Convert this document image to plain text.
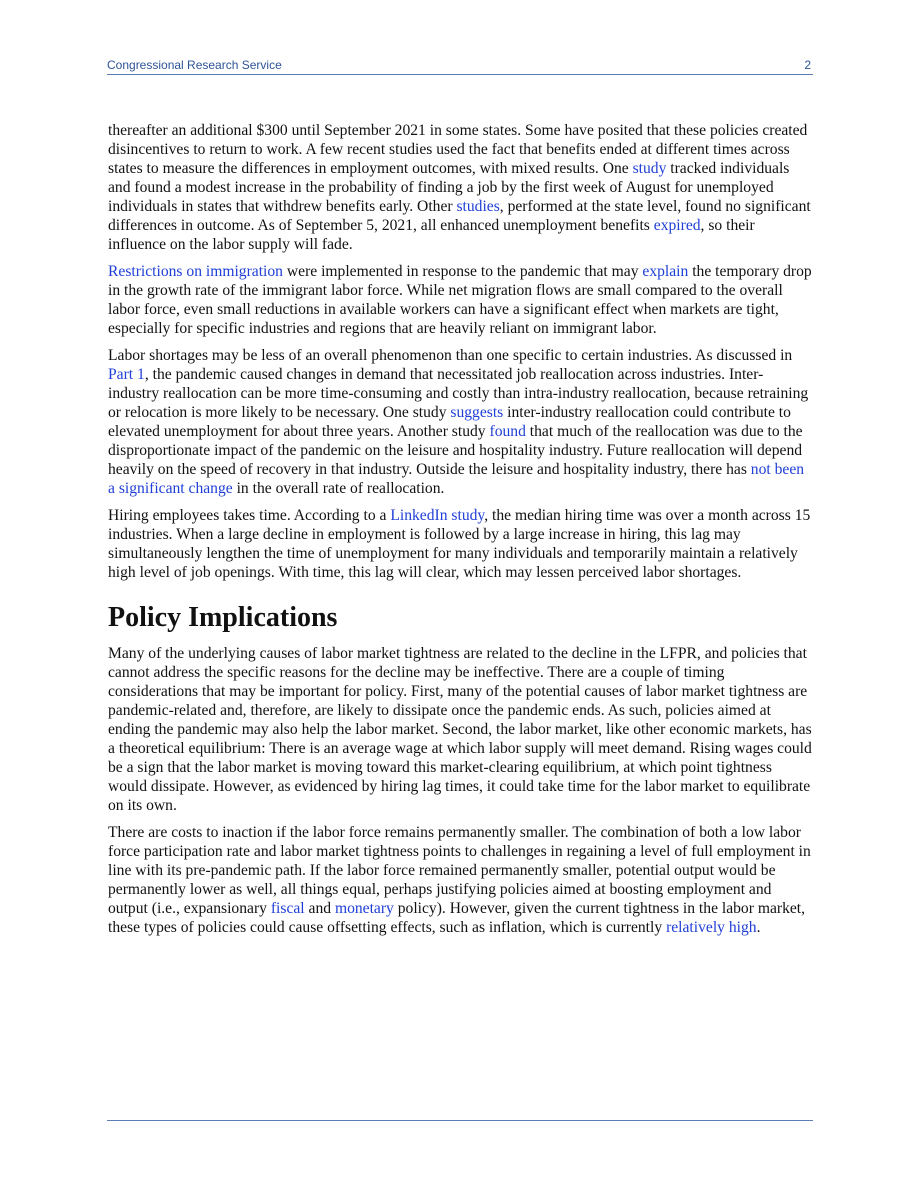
Congressional Research Service	2

thereafter an additional $300 until September 2021 in some states. Some have posited that these policies created disincentives to return to work. A few recent studies used the fact that benefits ended at different times across states to measure the differences in employment outcomes, with mixed results. One study tracked individuals and found a modest increase in the probability of finding a job by the first week of August for unemployed individuals in states that withdrew benefits early. Other studies, performed at the state level, found no significant differences in outcome. As of September 5, 2021, all enhanced unemployment benefits expired, so their influence on the labor supply will fade.

Restrictions on immigration were implemented in response to the pandemic that may explain the temporary drop in the growth rate of the immigrant labor force. While net migration flows are small compared to the overall labor force, even small reductions in available workers can have a significant effect when markets are tight, especially for specific industries and regions that are heavily reliant on immigrant labor.

Labor shortages may be less of an overall phenomenon than one specific to certain industries. As discussed in Part 1, the pandemic caused changes in demand that necessitated job reallocation across industries. Inter-industry reallocation can be more time-consuming and costly than intra-industry reallocation, because retraining or relocation is more likely to be necessary. One study suggests inter-industry reallocation could contribute to elevated unemployment for about three years. Another study found that much of the reallocation was due to the disproportionate impact of the pandemic on the leisure and hospitality industry. Future reallocation will depend heavily on the speed of recovery in that industry. Outside the leisure and hospitality industry, there has not been a significant change in the overall rate of reallocation.

Hiring employees takes time. According to a LinkedIn study, the median hiring time was over a month across 15 industries. When a large decline in employment is followed by a large increase in hiring, this lag may simultaneously lengthen the time of unemployment for many individuals and temporarily maintain a relatively high level of job openings. With time, this lag will clear, which may lessen perceived labor shortages.

Policy Implications

Many of the underlying causes of labor market tightness are related to the decline in the LFPR, and policies that cannot address the specific reasons for the decline may be ineffective. There are a couple of timing considerations that may be important for policy. First, many of the potential causes of labor market tightness are pandemic-related and, therefore, are likely to dissipate once the pandemic ends. As such, policies aimed at ending the pandemic may also help the labor market. Second, the labor market, like other economic markets, has a theoretical equilibrium: There is an average wage at which labor supply will meet demand. Rising wages could be a sign that the labor market is moving toward this market-clearing equilibrium, at which point tightness would dissipate. However, as evidenced by hiring lag times, it could take time for the labor market to equilibrate on its own.

There are costs to inaction if the labor force remains permanently smaller. The combination of both a low labor force participation rate and labor market tightness points to challenges in regaining a level of full employment in line with its pre-pandemic path. If the labor force remained permanently smaller, potential output would be permanently lower as well, all things equal, perhaps justifying policies aimed at boosting employment and output (i.e., expansionary fiscal and monetary policy). However, given the current tightness in the labor market, these types of policies could cause offsetting effects, such as inflation, which is currently relatively high.
